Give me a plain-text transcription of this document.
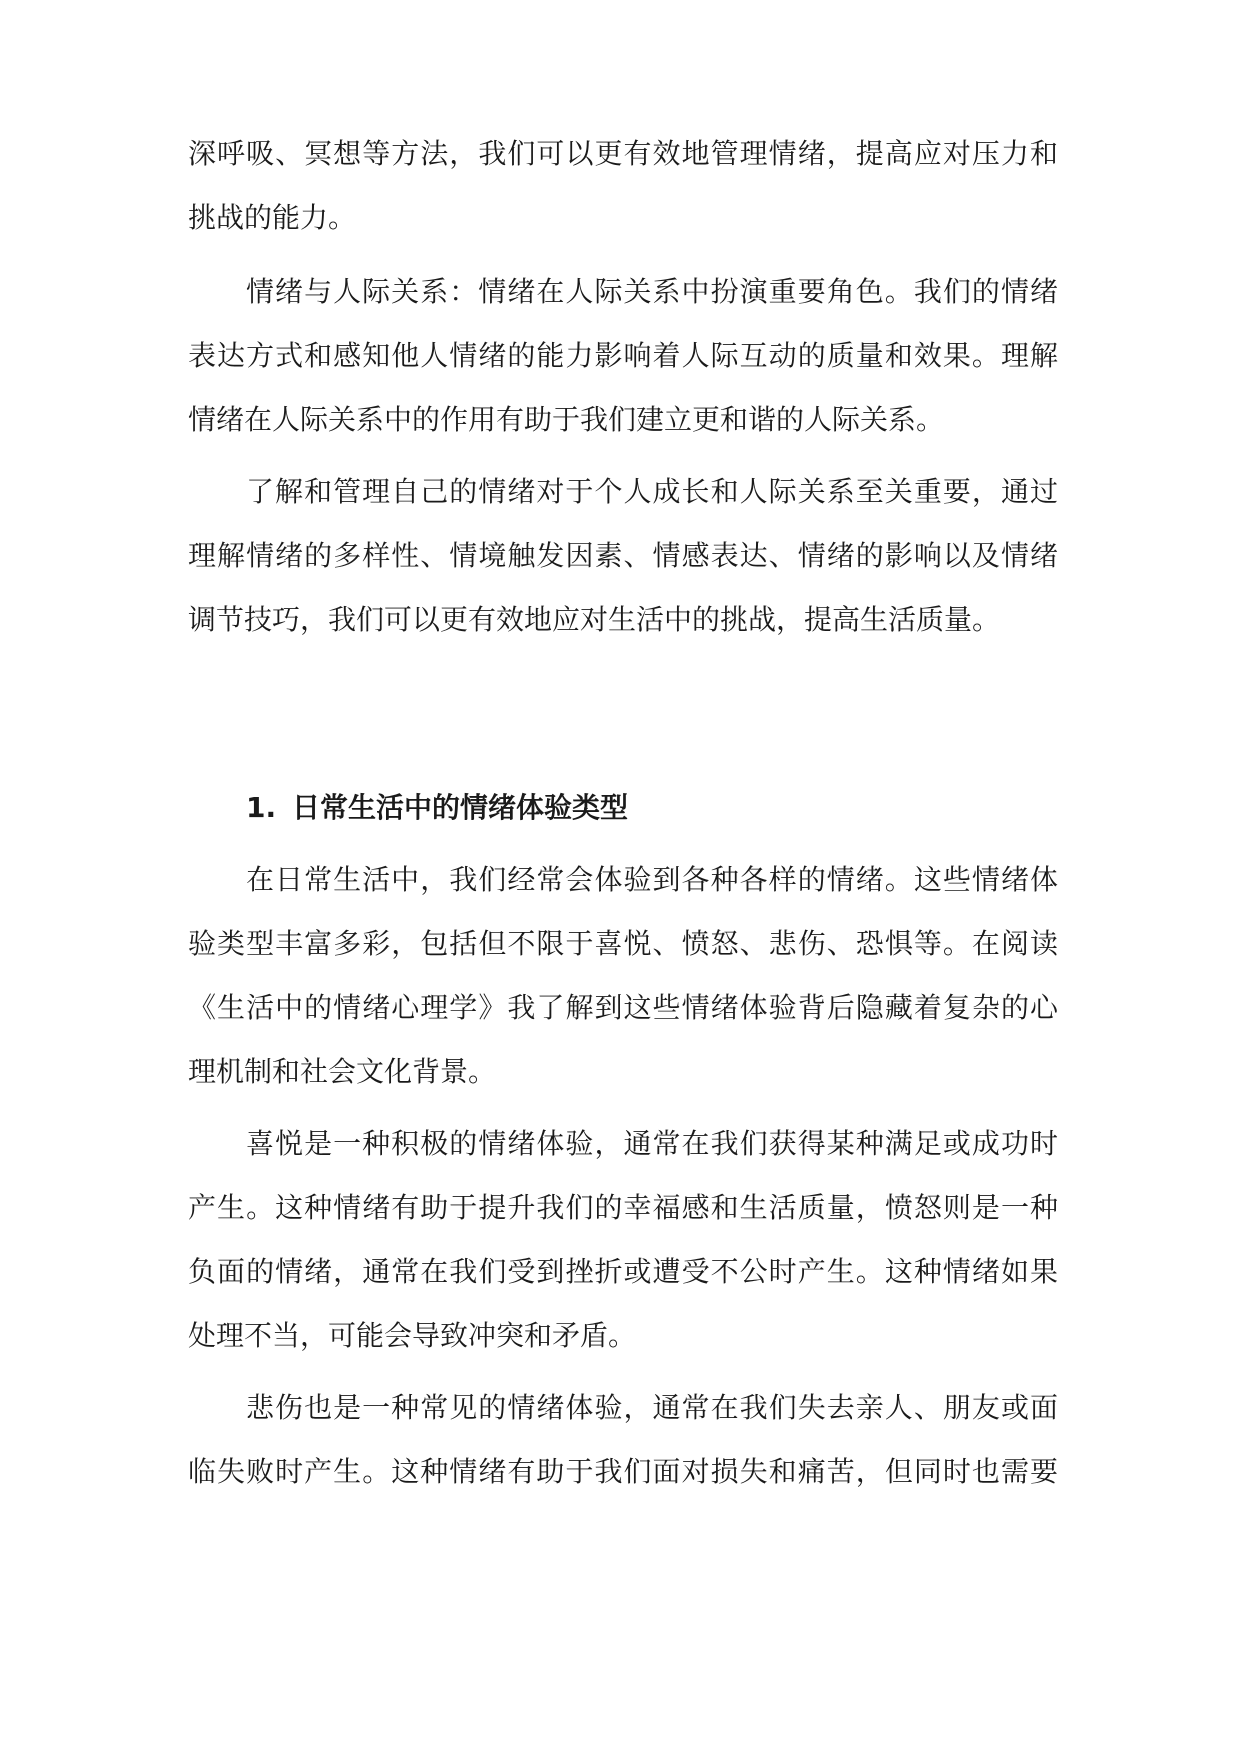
深呼吸、冥想等方法，我们可以更有效地管理情绪，提高应对压力和
挑战的能力。
情绪与人际关系：情绪在人际关系中扮演重要角色。我们的情绪
表达方式和感知他人情绪的能力影响着人际互动的质量和效果。理解
情绪在人际关系中的作用有助于我们建立更和谐的人际关系。
了解和管理自己的情绪对于个人成长和人际关系至关重要，通过
理解情绪的多样性、情境触发因素、情感表达、情绪的影响以及情绪
调节技巧，我们可以更有效地应对生活中的挑战，提高生活质量。
1. 日常生活中的情绪体验类型
在日常生活中，我们经常会体验到各种各样的情绪。这些情绪体
验类型丰富多彩，包括但不限于喜悦、愤怒、悲伤、恐惧等。在阅读
《生活中的情绪心理学》我了解到这些情绪体验背后隐藏着复杂的心
理机制和社会文化背景。
喜悦是一种积极的情绪体验，通常在我们获得某种满足或成功时
产生。这种情绪有助于提升我们的幸福感和生活质量，愤怒则是一种
负面的情绪，通常在我们受到挫折或遭受不公时产生。这种情绪如果
处理不当，可能会导致冲突和矛盾。
悲伤也是一种常见的情绪体验，通常在我们失去亲人、朋友或面
临失败时产生。这种情绪有助于我们面对损失和痛苦，但同时也需要
